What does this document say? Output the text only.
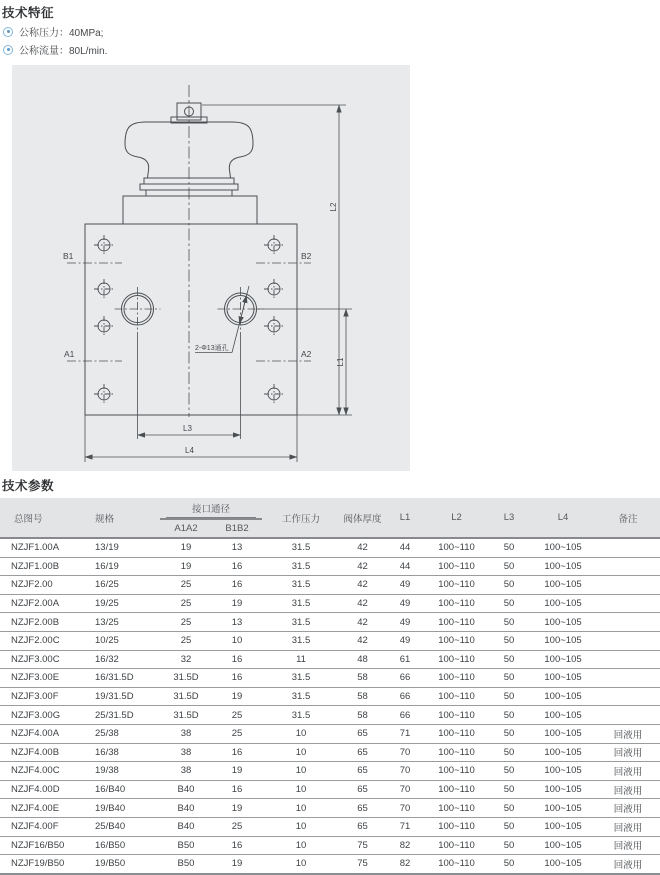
技术特征
公称压力：40MPa;
公称流量：80L/min.
B1	B2
A1	A2
L2
L1
L3
L4
2-Φ13通孔
技术参数
总图号	规格	接口通径		工作压力	阀体厚度	L1	L2	L3	L4	备注
		A1A2	B1B2							
NZJF1.00A	13/19	19	13	31.5	42	44	100~110	50	100~105	
NZJF1.00B	16/19	19	16	31.5	42	44	100~110	50	100~105	
NZJF2.00	16/25	25	16	31.5	42	49	100~110	50	100~105	
NZJF2.00A	19/25	25	19	31.5	42	49	100~110	50	100~105	
NZJF2.00B	13/25	25	13	31.5	42	49	100~110	50	100~105	
NZJF2.00C	10/25	25	10	31.5	42	49	100~110	50	100~105	
NZJF3.00C	16/32	32	16	11	48	61	100~110	50	100~105	
NZJF3.00E	16/31.5D	31.5D	16	31.5	58	66	100~110	50	100~105	
NZJF3.00F	19/31.5D	31.5D	19	31.5	58	66	100~110	50	100~105	
NZJF3.00G	25/31.5D	31.5D	25	31.5	58	66	100~110	50	100~105	
NZJF4.00A	25/38	38	25	10	65	71	100~110	50	100~105	回液用
NZJF4.00B	16/38	38	16	10	65	70	100~110	50	100~105	回液用
NZJF4.00C	19/38	38	19	10	65	70	100~110	50	100~105	回液用
NZJF4.00D	16/B40	B40	16	10	65	70	100~110	50	100~105	回液用
NZJF4.00E	19/B40	B40	19	10	65	70	100~110	50	100~105	回液用
NZJF4.00F	25/B40	B40	25	10	65	71	100~110	50	100~105	回液用
NZJF16/B50	16/B50	B50	16	10	75	82	100~110	50	100~105	回液用
NZJF19/B50	19/B50	B50	19	10	75	82	100~110	50	100~105	回液用
